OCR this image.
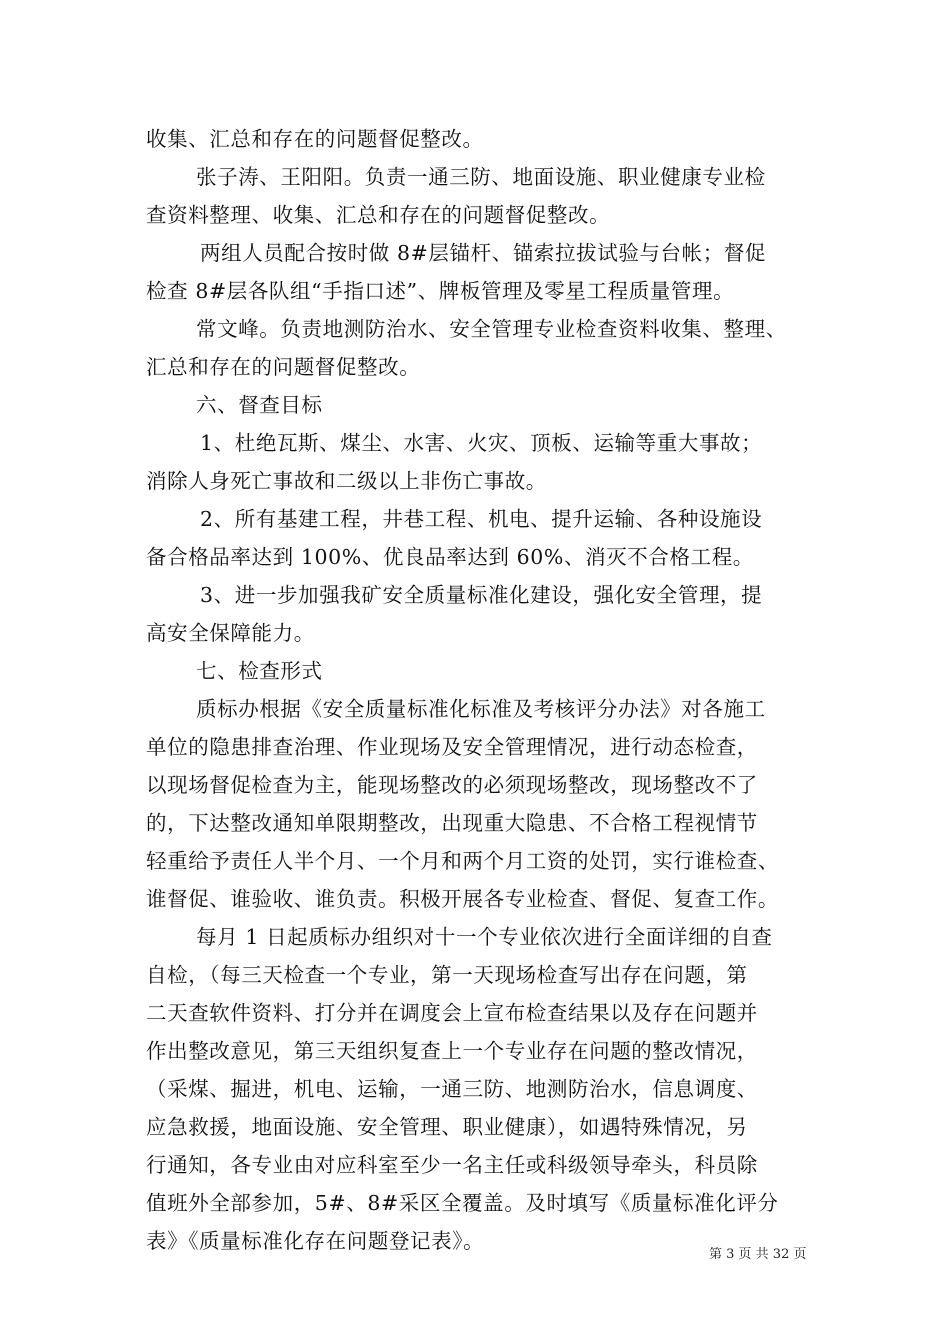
收集、汇总和存在的问题督促整改。
张子涛、王阳阳。负责一通三防、地面设施、职业健康专业检
查资料整理、收集、汇总和存在的问题督促整改。
两组人员配合按时做 8#层锚杆、锚索拉拔试验与台帐；督促
检查 8#层各队组“手指口述”、牌板管理及零星工程质量管理。
常文峰。负责地测防治水、安全管理专业检查资料收集、整理、
汇总和存在的问题督促整改。
六、督查目标
1、杜绝瓦斯、煤尘、水害、火灾、顶板、运输等重大事故；
消除人身死亡事故和二级以上非伤亡事故。
2、所有基建工程，井巷工程、机电、提升运输、各种设施设
备合格品率达到 100%、优良品率达到 60%、消灭不合格工程。
3、进一步加强我矿安全质量标准化建设，强化安全管理，提
高安全保障能力。
七、检查形式
质标办根据《安全质量标准化标准及考核评分办法》对各施工
单位的隐患排查治理、作业现场及安全管理情况，进行动态检查，
以现场督促检查为主，能现场整改的必须现场整改，现场整改不了
的，下达整改通知单限期整改，出现重大隐患、不合格工程视情节
轻重给予责任人半个月、一个月和两个月工资的处罚，实行谁检查、
谁督促、谁验收、谁负责。积极开展各专业检查、督促、复查工作。
每月 1 日起质标办组织对十一个专业依次进行全面详细的自查
自检，（每三天检查一个专业，第一天现场检查写出存在问题，第
二天查软件资料、打分并在调度会上宣布检查结果以及存在问题并
作出整改意见，第三天组织复查上一个专业存在问题的整改情况，
（采煤、掘进，机电、运输，一通三防、地测防治水，信息调度、
应急救援，地面设施、安全管理、职业健康），如遇特殊情况，另
行通知，各专业由对应科室至少一名主任或科级领导牵头，科员除
值班外全部参加，5#、8#采区全覆盖。及时填写《质量标准化评分
表》《质量标准化存在问题登记表》。
第 3 页 共 32 页
